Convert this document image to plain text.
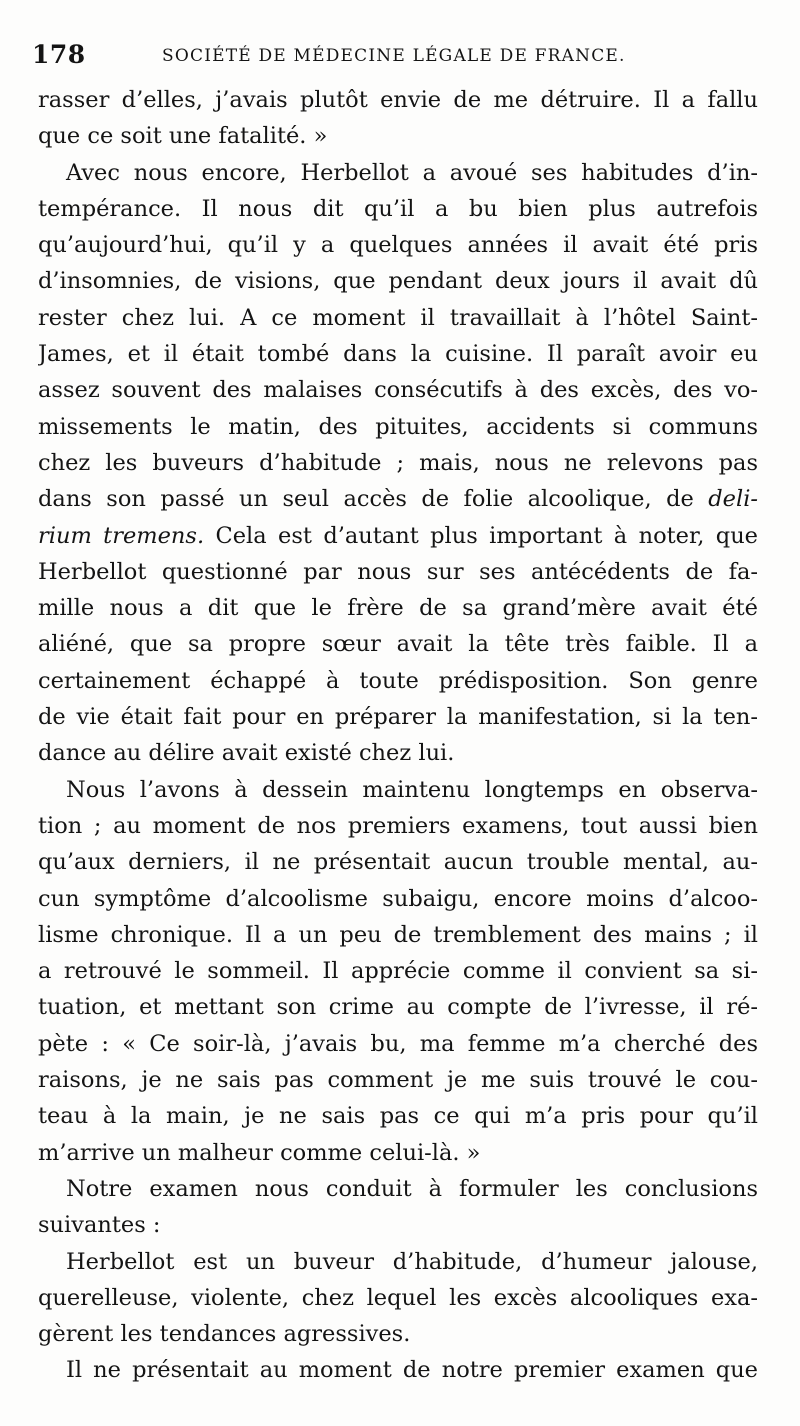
178	SOCIÉTÉ DE MÉDECINE LÉGALE DE FRANCE.
rasser d’elles, j’avais plutôt envie de me détruire. Il a fallu
que ce soit une fatalité. »
Avec nous encore, Herbellot a avoué ses habitudes d’in-
tempérance. Il nous dit qu’il a bu bien plus autrefois
qu’aujourd’hui, qu’il y a quelques années il avait été pris
d’insomnies, de visions, que pendant deux jours il avait dû
rester chez lui. A ce moment il travaillait à l’hôtel Saint-
James, et il était tombé dans la cuisine. Il paraît avoir eu
assez souvent des malaises consécutifs à des excès, des vo-
missements le matin, des pituites, accidents si communs
chez les buveurs d’habitude ; mais, nous ne relevons pas
dans son passé un seul accès de folie alcoolique, de deli-
rium tremens. Cela est d’autant plus important à noter, que
Herbellot questionné par nous sur ses antécédents de fa-
mille nous a dit que le frère de sa grand’mère avait été
aliéné, que sa propre sœur avait la tête très faible. Il a
certainement échappé à toute prédisposition. Son genre
de vie était fait pour en préparer la manifestation, si la ten-
dance au délire avait existé chez lui.
Nous l’avons à dessein maintenu longtemps en observa-
tion ; au moment de nos premiers examens, tout aussi bien
qu’aux derniers, il ne présentait aucun trouble mental, au-
cun symptôme d’alcoolisme subaigu, encore moins d’alcoo-
lisme chronique. Il a un peu de tremblement des mains ; il
a retrouvé le sommeil. Il apprécie comme il convient sa si-
tuation, et mettant son crime au compte de l’ivresse, il ré-
pète : « Ce soir-là, j’avais bu, ma femme m’a cherché des
raisons, je ne sais pas comment je me suis trouvé le cou-
teau à la main, je ne sais pas ce qui m’a pris pour qu’il
m’arrive un malheur comme celui-là. »
Notre examen nous conduit à formuler les conclusions
suivantes :
Herbellot est un buveur d’habitude, d’humeur jalouse,
querelleuse, violente, chez lequel les excès alcooliques exa-
gèrent les tendances agressives.
Il ne présentait au moment de notre premier examen que
